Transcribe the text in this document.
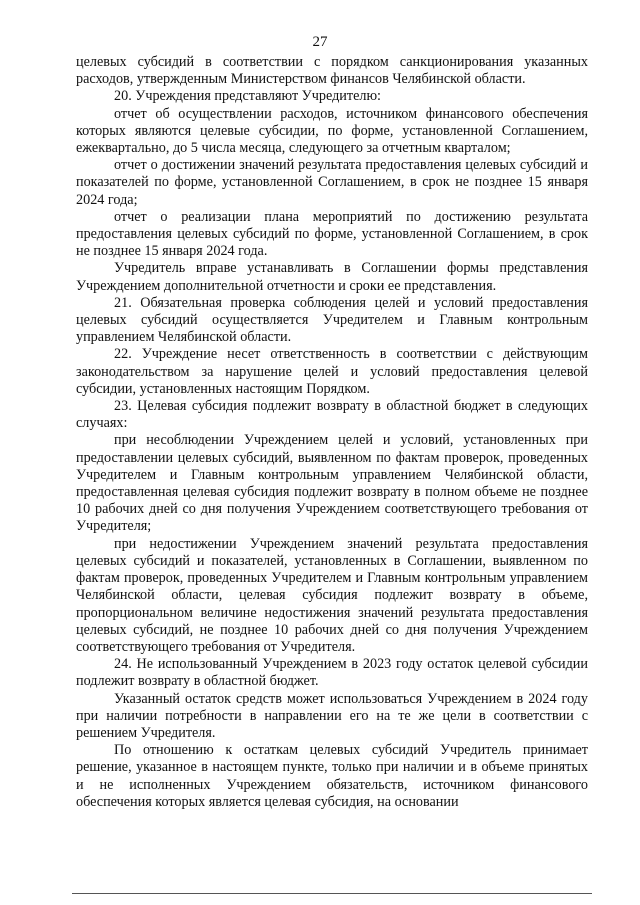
27

целевых субсидий в соответствии с порядком санкционирования указанных расходов, утвержденным Министерством финансов Челябинской области.

20. Учреждения представляют Учредителю:

отчет об осуществлении расходов, источником финансового обеспечения которых являются целевые субсидии, по форме, установленной Соглашением, ежеквартально, до 5 числа месяца, следующего за отчетным кварталом;

отчет о достижении значений результата предоставления целевых субсидий и показателей по форме, установленной Соглашением, в срок не позднее 15 января 2024 года;

отчет о реализации плана мероприятий по достижению результата предоставления целевых субсидий по форме, установленной Соглашением, в срок не позднее 15 января 2024 года.

Учредитель вправе устанавливать в Соглашении формы представления Учреждением дополнительной отчетности и сроки ее представления.

21. Обязательная проверка соблюдения целей и условий предоставления целевых субсидий осуществляется Учредителем и Главным контрольным управлением Челябинской области.

22. Учреждение несет ответственность в соответствии с действующим законодательством за нарушение целей и условий предоставления целевой субсидии, установленных настоящим Порядком.

23. Целевая субсидия подлежит возврату в областной бюджет в следующих случаях:

при несоблюдении Учреждением целей и условий, установленных при предоставлении целевых субсидий, выявленном по фактам проверок, проведенных Учредителем и Главным контрольным управлением Челябинской области, предоставленная целевая субсидия подлежит возврату в полном объеме не позднее 10 рабочих дней со дня получения Учреждением соответствующего требования от Учредителя;

при недостижении Учреждением значений результата предоставления целевых субсидий и показателей, установленных в Соглашении, выявленном по фактам проверок, проведенных Учредителем и Главным контрольным управлением Челябинской области, целевая субсидия подлежит возврату в объеме, пропорциональном величине недостижения значений результата предоставления целевых субсидий, не позднее 10 рабочих дней со дня получения Учреждением соответствующего требования от Учредителя.

24. Не использованный Учреждением в 2023 году остаток целевой субсидии подлежит возврату в областной бюджет.

Указанный остаток средств может использоваться Учреждением в 2024 году при наличии потребности в направлении его на те же цели в соответствии с решением Учредителя.

По отношению к остаткам целевых субсидий Учредитель принимает решение, указанное в настоящем пункте, только при наличии и в объеме принятых и не исполненных Учреждением обязательств, источником финансового обеспечения которых является целевая субсидия, на основании
